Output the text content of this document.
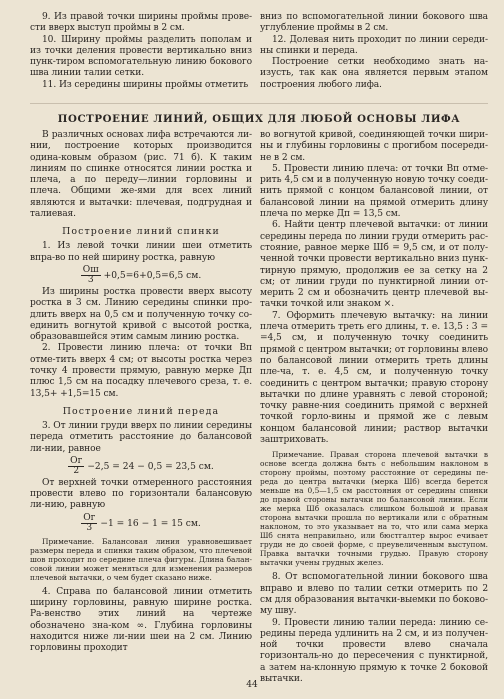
9. Из правой точки ширины проймы прове-сти вверх выступ проймы в 2 см.

10. Ширину проймы разделить пополам и из точки деления провести вертикально вниз пунк-тиром вспомогательную линию бокового шва линии талии сетки.

11. Из середины ширины проймы отметить

вниз по вспомогательной линии бокового шва углубление проймы в 2 см.

12. Долевая нить проходит по линии середи-ны спинки и переда.

Построение сетки необходимо знать на-изусть, так как она является первым этапом построения любого лифа.

ПОСТРОЕНИЕ ЛИНИЙ, ОБЩИХ ДЛЯ ЛЮБОЙ ОСНОВЫ ЛИФА

В различных основах лифа встречаются ли-нии, построение которых производится одина-ковым образом (рис. 71 б). К таким линиям по спинке относятся линии ростка и плеча, а по переду—линии горловины и плеча. Общими же-ями для всех линий являются и вытачки: плечевая, подгрудная и талиевая.

Построение линий спинки

1. Из левой точки линии шеи отметить впра-во по ней ширину ростка, равную

$\frac{Ош}{3} +0,5=6+0,5=6,5$ см.

Из ширины ростка провести вверх высоту ростка в 3 см. Линию середины спинки про-длить вверх на 0,5 см и полученную точку со-единить вогнутой кривой с высотой ростка, образовавшейся этим самым линию ростка.

2. Провести линию плеча: от точки Вп отме-тить вверх 4 см; от высоты ростка через точку 4 провести прямую, равную мерке Дп плюс 1,5 см на посадку плечевого среза, т. е. 13,5+ +1,5=15 см.

Построение линий переда

3. От линии груди вверх по линии середины переда отметить расстояние до балансовой ли-нии, равное

$\frac{Ог}{2} -2,5 = 24 - 0,5 = 23,5$ см.

От верхней точки отмеренного расстояния провести влево по горизонтали балансовую ли-нию, равную

$\frac{Ог}{3} -1 = 16 - 1 = 15$ см.

Примечание. Балансовая линия уравновешивает размеры переда и спинки таким образом, что плечевой шов проходит по середине плеча фигуры. Длина балан-совой линии может меняться для изменения размеров плечевой вытачки, о чем будет сказано ниже.

4. Справа по балансовой линии отметить ширину горловины, равную ширине ростка. Ра-венство этих линий на чертеже обозначено зна-ком ∞. Глубина горловины находится ниже ли-нии шеи на 2 см. Линию горловины проходит

во вогнутой кривой, соединяющей точки шири-ны и глубины горловины с прогибом посереди-не в 2 см.

5. Провести линию плеча: от точки Вп отме-рить 4,5 см и в полученную новую точку соеди-нить прямой с концом балансовой линии, от балансовой линии на прямой отмерить длину плеча по мерке Дп = 13,5 см.

6. Найти центр плечевой вытачки: от линии середины переда по линии груди отмерить рас-стояние, равное мерке Шб = 9,5 см, и от полу-ченной точки провести вертикально вниз пунк-тирную прямую, продолжив ее за сетку на 2 см; от линии груди по пунктирной линии от-мерить 2 см и обозначить центр плечевой вы-тачки точкой или знаком ×.

7. Оформить плечевую вытачку: на линии плеча отмерить треть его длины, т. е. 13,5 : 3 = =4,5 см, и полученную точку соединить прямой с центром вытачки; от горловины влево по балансовой линии отмерить треть длины пле-ча, т. е. 4,5 см, и полученную точку соединить с центром вытачки; правую сторону вытачки по длине уравнять с левой стороной; точку равне-ния соединить прямой с верхней точкой горло-вины и прямой же с левым концом балансовой линии; раствор вытачки заштриховать.

Примечание. Правая сторона плечевой вытачки в основе всегда должна быть с небольшим наклоном в сторону проймы, поэтому расстояние от середины пе-реда до центра вытачки (мерка Шб) всегда берется меньше на 0,5—1,5 см расстояния от середины спинки до правой стороны вытачки по балансовой линии. Если же мерка Шб оказалась слишком большой и правая сторона вытачки прошла по вертикали или с обратным наклоном, то это указывает на то, что или сама мерка Шб снята неправильно, или бюстгалтер вырос ечивает груди не до своей форме, с преувеличенным выступом. Правка вытачки точными грудью. Правую сторону вытачки учены грудных желез.

8. От вспомогательной линии бокового шва вправо и влево по талии сетки отмерить по 2 см для образования вытачки-выемки по боково-му шву.

9. Провести линию талии переда: линию се-редины переда удлинить на 2 см, и из получен-ной точки провести влево сначала горизонталь-но до пересечения с пунктирной, а затем на-клонную прямую к точке 2 боковой вытачки.

44
